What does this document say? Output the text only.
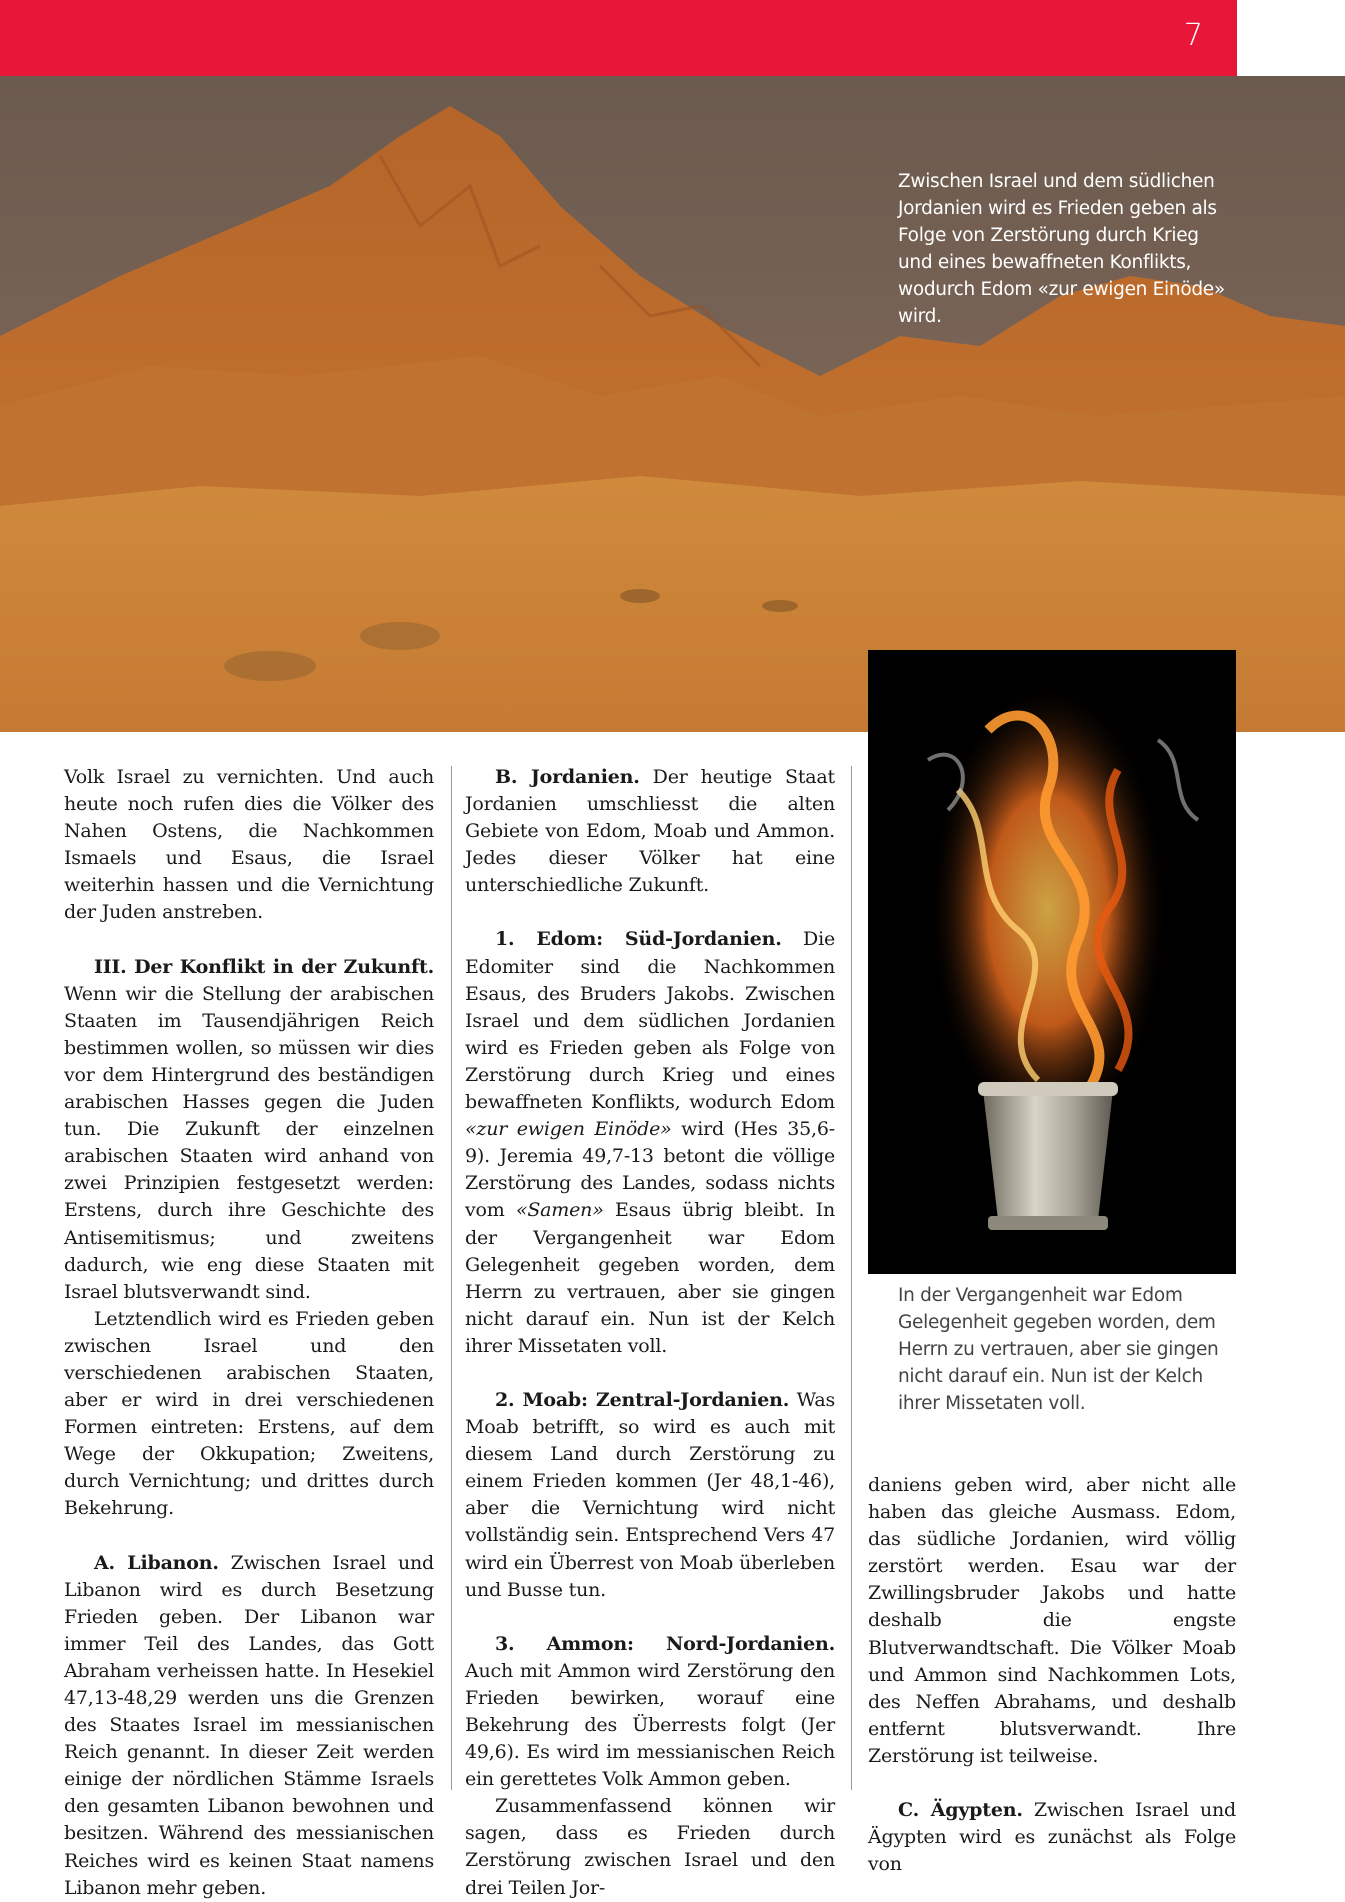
7
Zwischen Israel und dem südlichen Jordanien wird es Frieden geben als Folge von Zerstörung durch Krieg und eines bewaffneten Konflikts, wodurch Edom «zur ewigen Einöde» wird.
In der Vergangenheit war Edom Gelegenheit gegeben worden, dem Herrn zu vertrauen, aber sie gingen nicht darauf ein. Nun ist der Kelch ihrer Missetaten voll.

Volk Israel zu vernichten. Und auch heute noch rufen dies die Völker des Nahen Ostens, die Nachkommen Ismaels und Esaus, die Israel weiterhin hassen und die Vernichtung der Juden anstreben.

III. Der Konflikt in der Zukunft. Wenn wir die Stellung der arabischen Staaten im Tausendjährigen Reich bestimmen wollen, so müssen wir dies vor dem Hintergrund des beständigen arabischen Hasses gegen die Juden tun. Die Zukunft der einzelnen arabischen Staaten wird anhand von zwei Prinzipien festgesetzt werden: Erstens, durch ihre Geschichte des Antisemitismus; und zweitens dadurch, wie eng diese Staaten mit Israel blutsverwandt sind.

Letztendlich wird es Frieden geben zwischen Israel und den verschiedenen arabischen Staaten, aber er wird in drei verschiedenen Formen eintreten: Erstens, auf dem Wege der Okkupation; Zweitens, durch Vernichtung; und drittes durch Bekehrung.

A. Libanon. Zwischen Israel und Libanon wird es durch Besetzung Frieden geben. Der Libanon war immer Teil des Landes, das Gott Abraham verheissen hatte. In Hesekiel 47,13-48,29 werden uns die Grenzen des Staates Israel im messianischen Reich genannt. In dieser Zeit werden einige der nördlichen Stämme Israels den gesamten Libanon bewohnen und besitzen. Während des messianischen Reiches wird es keinen Staat namens Libanon mehr geben.

B. Jordanien. Der heutige Staat Jordanien umschliesst die alten Gebiete von Edom, Moab und Ammon. Jedes dieser Völker hat eine unterschiedliche Zukunft.

1. Edom: Süd-Jordanien. Die Edomiter sind die Nachkommen Esaus, des Bruders Jakobs. Zwischen Israel und dem südlichen Jordanien wird es Frieden geben als Folge von Zerstörung durch Krieg und eines bewaffneten Konflikts, wodurch Edom «zur ewigen Einöde» wird (Hes 35,6-9). Jeremia 49,7-13 betont die völlige Zerstörung des Landes, sodass nichts vom «Samen» Esaus übrig bleibt. In der Vergangenheit war Edom Gelegenheit gegeben worden, dem Herrn zu vertrauen, aber sie gingen nicht darauf ein. Nun ist der Kelch ihrer Missetaten voll.

2. Moab: Zentral-Jordanien. Was Moab betrifft, so wird es auch mit diesem Land durch Zerstörung zu einem Frieden kommen (Jer 48,1-46), aber die Vernichtung wird nicht vollständig sein. Entsprechend Vers 47 wird ein Überrest von Moab überleben und Busse tun.

3. Ammon: Nord-Jordanien. Auch mit Ammon wird Zerstörung den Frieden bewirken, worauf eine Bekehrung des Überrests folgt (Jer 49,6). Es wird im messianischen Reich ein gerettetes Volk Ammon geben.

Zusammenfassend können wir sagen, dass es Frieden durch Zerstörung zwischen Israel und den drei Teilen Jor-

daniens geben wird, aber nicht alle haben das gleiche Ausmass. Edom, das südliche Jordanien, wird völlig zerstört werden. Esau war der Zwillingsbruder Jakobs und hatte deshalb die engste Blutverwandtschaft. Die Völker Moab und Ammon sind Nachkommen Lots, des Neffen Abrahams, und deshalb entfernt blutsverwandt. Ihre Zerstörung ist teilweise.

C. Ägypten. Zwischen Israel und Ägypten wird es zunächst als Folge von
